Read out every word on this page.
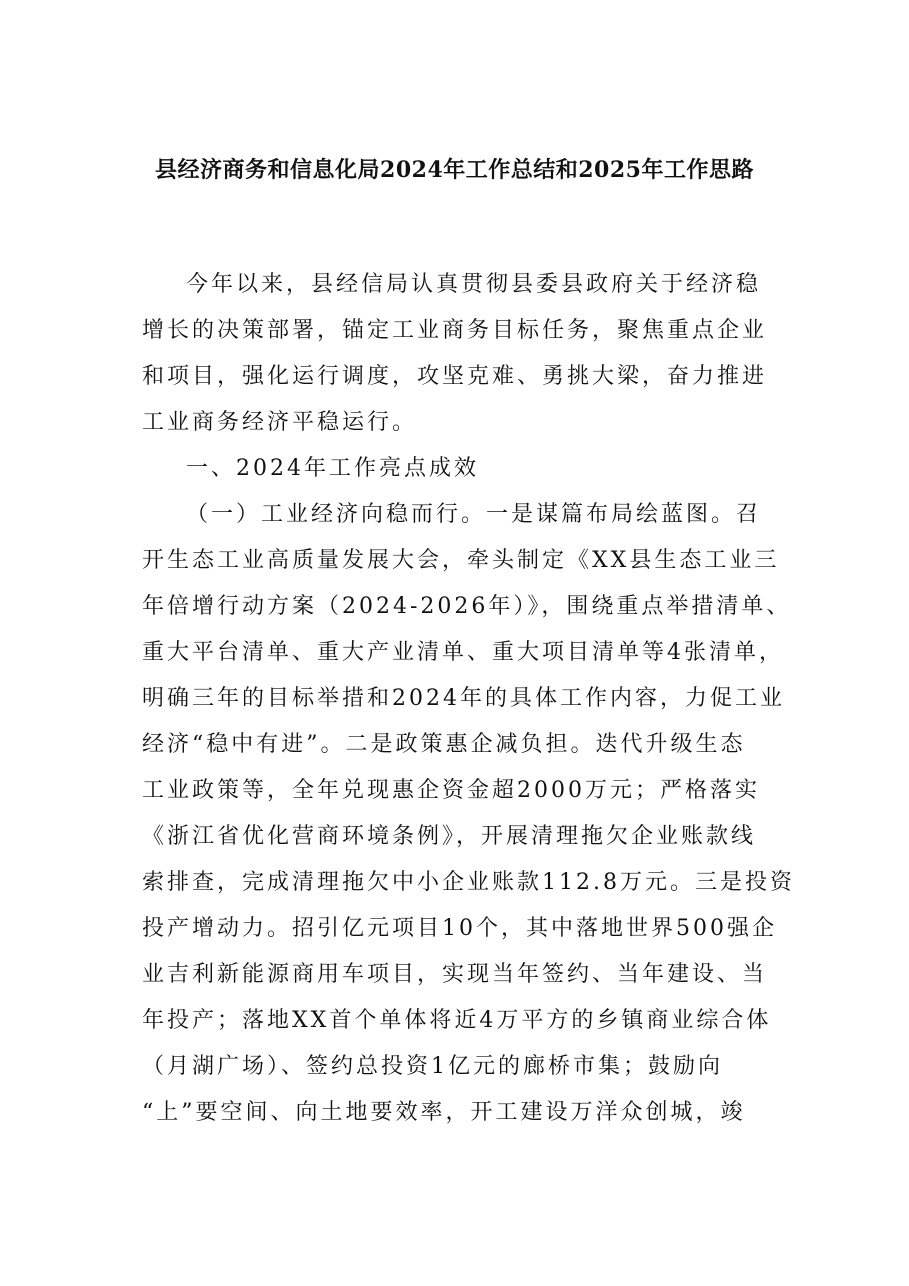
县经济商务和信息化局2024年工作总结和2025年工作思路
今年以来，县经信局认真贯彻县委县政府关于经济稳
增长的决策部署，锚定工业商务目标任务，聚焦重点企业
和项目，强化运行调度，攻坚克难、勇挑大梁，奋力推进
工业商务经济平稳运行。
一、2024年工作亮点成效
（一）工业经济向稳而行。一是谋篇布局绘蓝图。召
开生态工业高质量发展大会，牵头制定《XX县生态工业三
年倍增行动方案（2024-2026年）》，围绕重点举措清单、
重大平台清单、重大产业清单、重大项目清单等4张清单，
明确三年的目标举措和2024年的具体工作内容，力促工业
经济“稳中有进”。二是政策惠企减负担。迭代升级生态
工业政策等，全年兑现惠企资金超2000万元；严格落实
《浙江省优化营商环境条例》，开展清理拖欠企业账款线
索排查，完成清理拖欠中小企业账款112.8万元。三是投资
投产增动力。招引亿元项目10个，其中落地世界500强企
业吉利新能源商用车项目，实现当年签约、当年建设、当
年投产；落地XX首个单体将近4万平方的乡镇商业综合体
（月湖广场）、签约总投资1亿元的廊桥市集；鼓励向
“上”要空间、向土地要效率，开工建设万洋众创城，竣
